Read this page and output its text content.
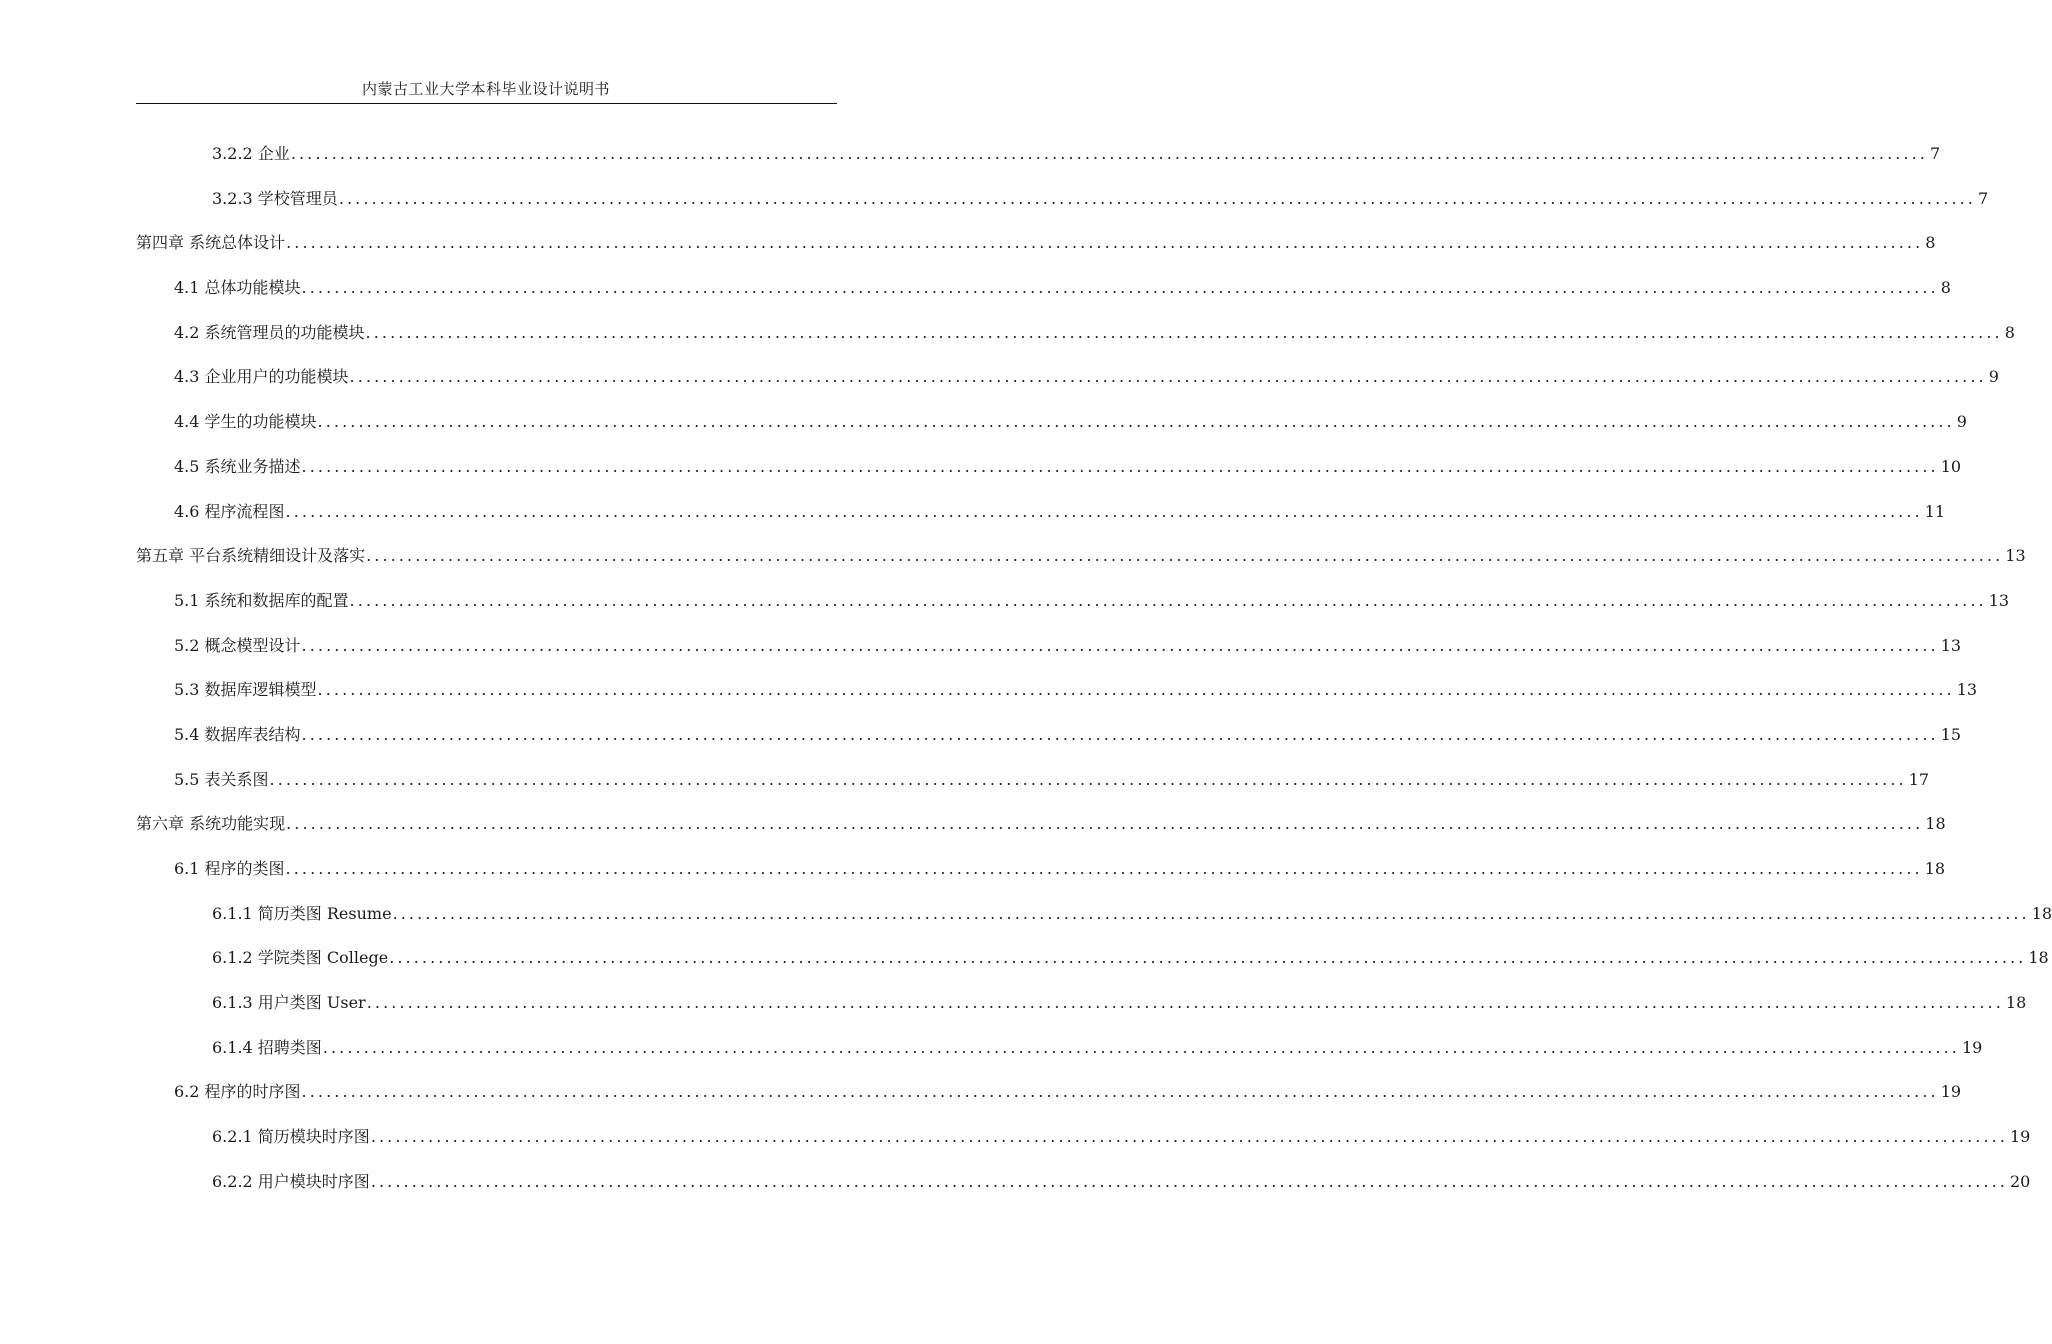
内蒙古工业大学本科毕业设计说明书
3.2.2 企业 ........................................................................................................................................................................................................ 7
3.2.3 学校管理员 ........................................................................................................................................................................................................ 7
第四章 系统总体设计 ........................................................................................................................................................................................................ 8
4.1 总体功能模块 ........................................................................................................................................................................................................ 8
4.2 系统管理员的功能模块 ........................................................................................................................................................................................................ 8
4.3 企业用户的功能模块 ........................................................................................................................................................................................................ 9
4.4 学生的功能模块 ........................................................................................................................................................................................................ 9
4.5 系统业务描述 ........................................................................................................................................................................................................ 10
4.6 程序流程图 ........................................................................................................................................................................................................ 11
第五章 平台系统精细设计及落实 ........................................................................................................................................................................................................ 13
5.1 系统和数据库的配置 ........................................................................................................................................................................................................ 13
5.2 概念模型设计 ........................................................................................................................................................................................................ 13
5.3 数据库逻辑模型 ........................................................................................................................................................................................................ 13
5.4 数据库表结构 ........................................................................................................................................................................................................ 15
5.5 表关系图 ........................................................................................................................................................................................................ 17
第六章 系统功能实现 ........................................................................................................................................................................................................ 18
6.1 程序的类图 ........................................................................................................................................................................................................ 18
6.1.1 简历类图 Resume ........................................................................................................................................................................................................ 18
6.1.2 学院类图 College ........................................................................................................................................................................................................ 18
6.1.3 用户类图 User ........................................................................................................................................................................................................ 18
6.1.4 招聘类图 ........................................................................................................................................................................................................ 19
6.2 程序的时序图 ........................................................................................................................................................................................................ 19
6.2.1 简历模块时序图 ........................................................................................................................................................................................................ 19
6.2.2 用户模块时序图 ........................................................................................................................................................................................................ 20
